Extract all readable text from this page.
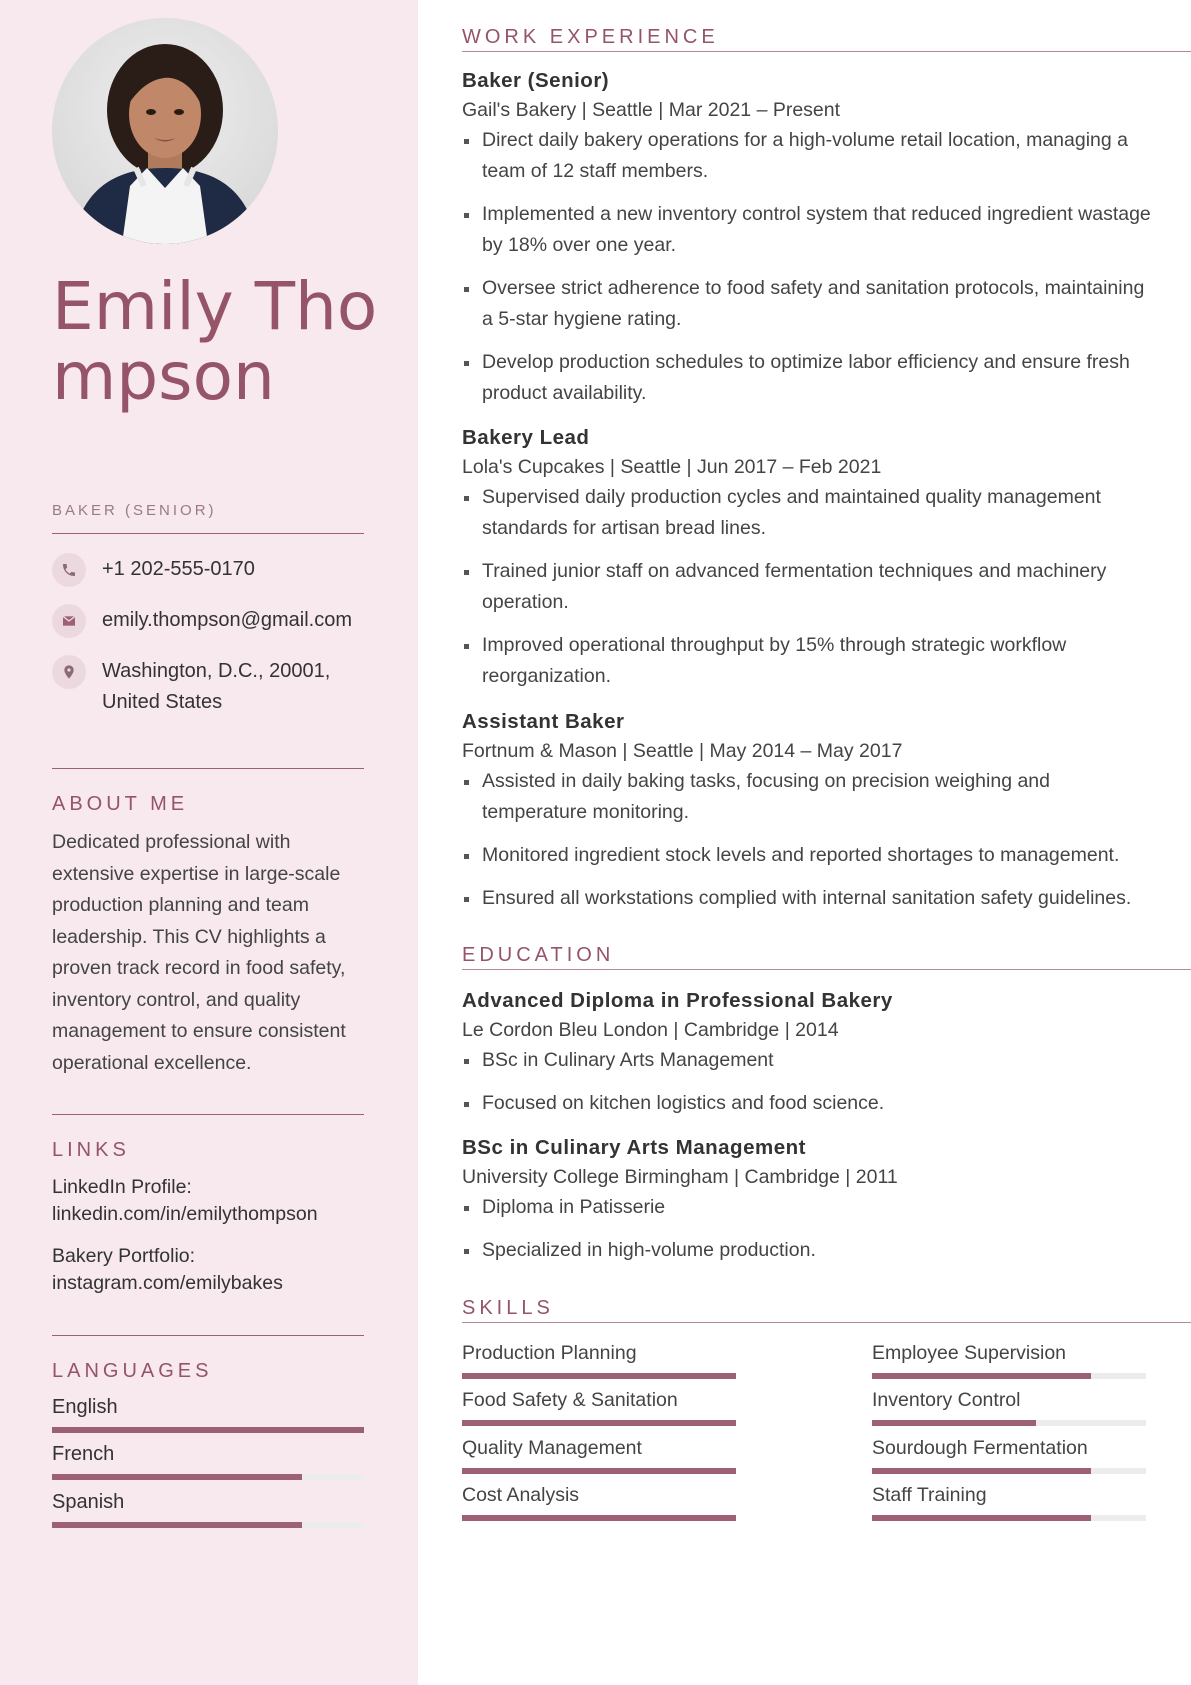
Emily Thompson
BAKER (SENIOR)
+1 202-555-0170
emily.thompson@gmail.com
Washington, D.C., 20001, United States
ABOUT ME
Dedicated professional with extensive expertise in large-scale production planning and team leadership. This CV highlights a proven track record in food safety, inventory control, and quality management to ensure consistent operational excellence.
LINKS
LinkedIn Profile:
linkedin.com/in/emilythompson
Bakery Portfolio:
instagram.com/emilybakes
LANGUAGES
English
French
Spanish
WORK EXPERIENCE
Baker (Senior)
Gail's Bakery | Seattle | Mar 2021 – Present
Direct daily bakery operations for a high-volume retail location, managing a team of 12 staff members.
Implemented a new inventory control system that reduced ingredient wastage by 18% over one year.
Oversee strict adherence to food safety and sanitation protocols, maintaining a 5-star hygiene rating.
Develop production schedules to optimize labor efficiency and ensure fresh product availability.
Bakery Lead
Lola's Cupcakes | Seattle | Jun 2017 – Feb 2021
Supervised daily production cycles and maintained quality management standards for artisan bread lines.
Trained junior staff on advanced fermentation techniques and machinery operation.
Improved operational throughput by 15% through strategic workflow reorganization.
Assistant Baker
Fortnum & Mason | Seattle | May 2014 – May 2017
Assisted in daily baking tasks, focusing on precision weighing and temperature monitoring.
Monitored ingredient stock levels and reported shortages to management.
Ensured all workstations complied with internal sanitation safety guidelines.
EDUCATION
Advanced Diploma in Professional Bakery
Le Cordon Bleu London | Cambridge | 2014
BSc in Culinary Arts Management
Focused on kitchen logistics and food science.
BSc in Culinary Arts Management
University College Birmingham | Cambridge | 2011
Diploma in Patisserie
Specialized in high-volume production.
SKILLS
Production Planning	Employee Supervision
Food Safety & Sanitation	Inventory Control
Quality Management	Sourdough Fermentation
Cost Analysis	Staff Training
